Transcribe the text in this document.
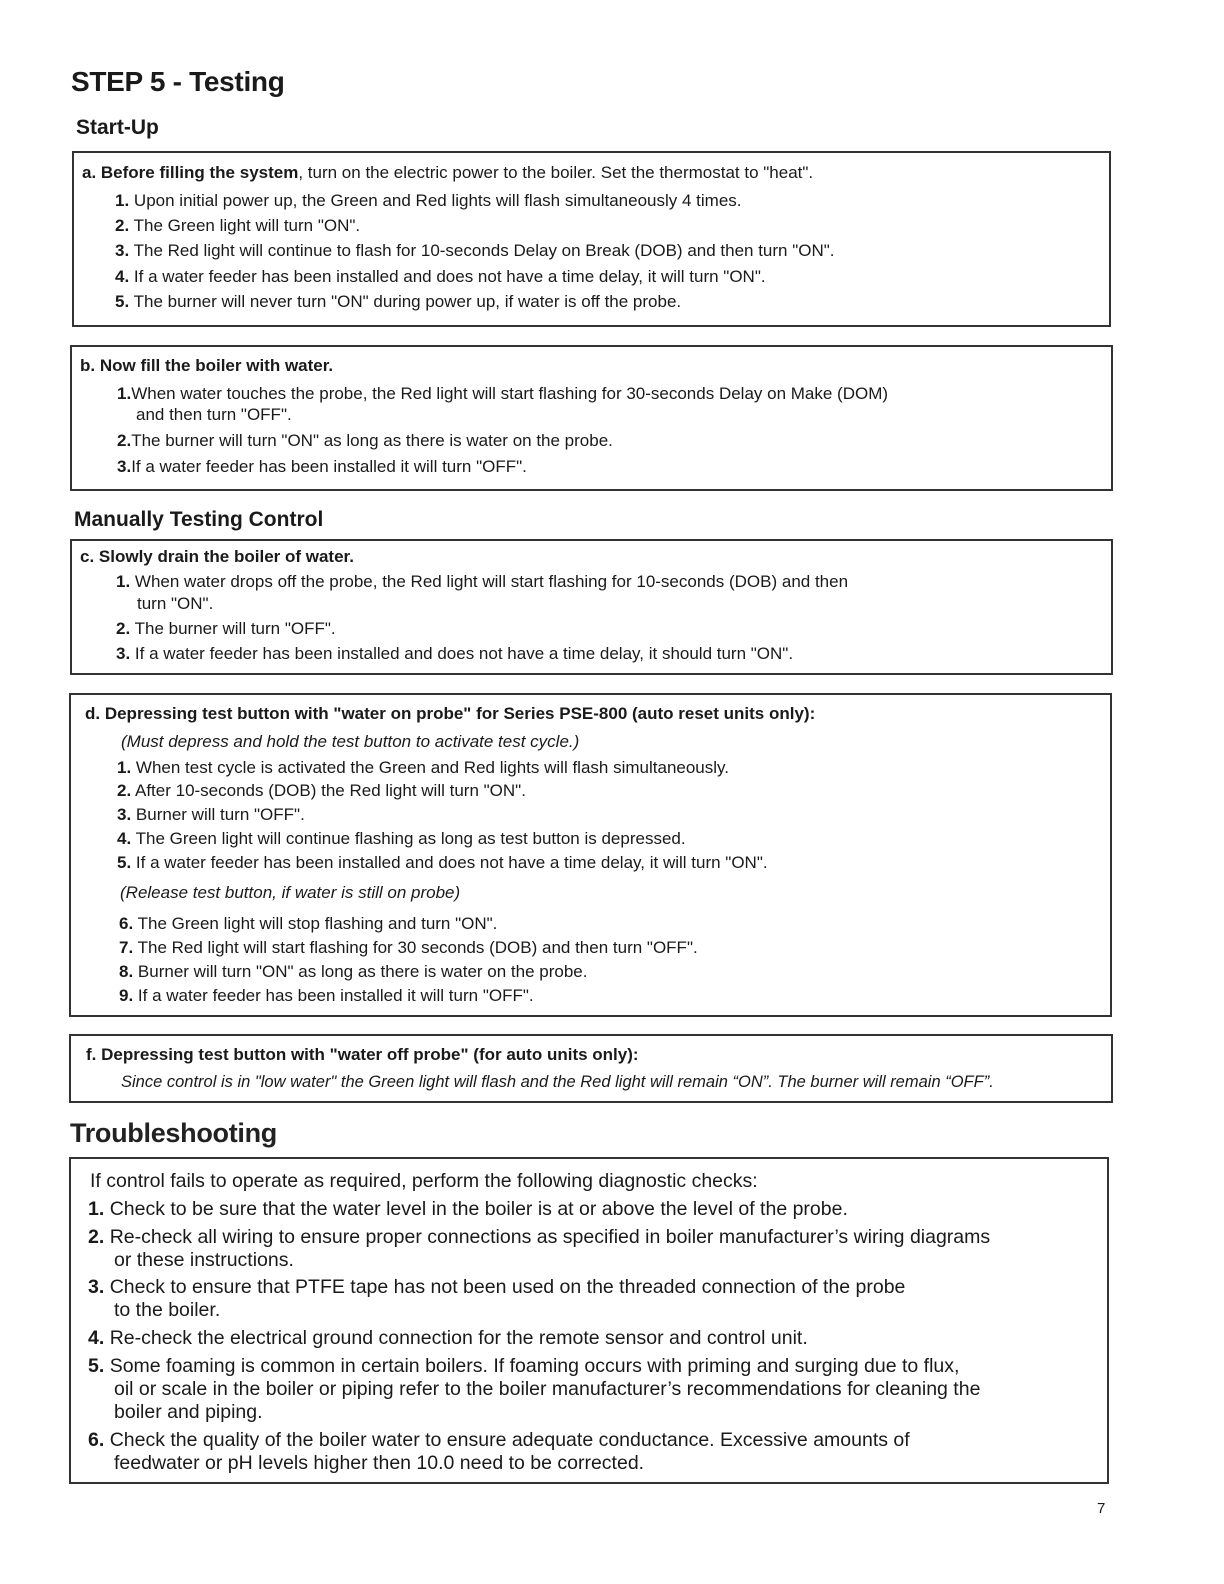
STEP 5 - Testing
Start-Up
a. Before filling the system, turn on the electric power to the boiler. Set the thermostat to "heat".
1. Upon initial power up, the Green and Red lights will flash simultaneously 4 times.
2. The Green light will turn "ON".
3. The Red light will continue to flash for 10-seconds Delay on Break (DOB) and then turn "ON".
4. If a water feeder has been installed and does not have a time delay, it will turn "ON".
5. The burner will never turn "ON" during power up, if water is off the probe.
b. Now fill the boiler with water.
1.When water touches the probe, the Red light will start flashing for 30-seconds Delay on Make (DOM)
and then turn "OFF".
2.The burner will turn "ON" as long as there is water on the probe.
3.If a water feeder has been installed it will turn "OFF".
Manually Testing Control
c. Slowly drain the boiler of water.
1. When water drops off the probe, the Red light will start flashing for 10-seconds (DOB) and then
turn "ON".
2. The burner will turn "OFF".
3. If a water feeder has been installed and does not have a time delay, it should turn "ON".
d. Depressing test button with "water on probe" for Series PSE-800 (auto reset units only):
(Must depress and hold the test button to activate test cycle.)
1. When test cycle is activated the Green and Red lights will flash simultaneously.
2. After 10-seconds (DOB) the Red light will turn "ON".
3. Burner will turn "OFF".
4. The Green light will continue flashing as long as test button is depressed.
5. If a water feeder has been installed and does not have a time delay, it will turn "ON".
(Release test button, if water is still on probe)
6. The Green light will stop flashing and turn "ON".
7. The Red light will start flashing for 30 seconds (DOB) and then turn "OFF".
8. Burner will turn "ON" as long as there is water on the probe.
9. If a water feeder has been installed it will turn "OFF".
f. Depressing test button with "water off probe" (for auto units only):
Since control is in "low water" the Green light will flash and the Red light will remain “ON”. The burner will remain “OFF”.
Troubleshooting
If control fails to operate as required, perform the following diagnostic checks:
1. Check to be sure that the water level in the boiler is at or above the level of the probe.
2. Re-check all wiring to ensure proper connections as specified in boiler manufacturer’s wiring diagrams
or these instructions.
3. Check to ensure that PTFE tape has not been used on the threaded connection of the probe
to the boiler.
4. Re-check the electrical ground connection for the remote sensor and control unit.
5. Some foaming is common in certain boilers. If foaming occurs with priming and surging due to flux,
oil or scale in the boiler or piping refer to the boiler manufacturer’s recommendations for cleaning the
boiler and piping.
6. Check the quality of the boiler water to ensure adequate conductance. Excessive amounts of
feedwater or pH levels higher then 10.0 need to be corrected.
7
